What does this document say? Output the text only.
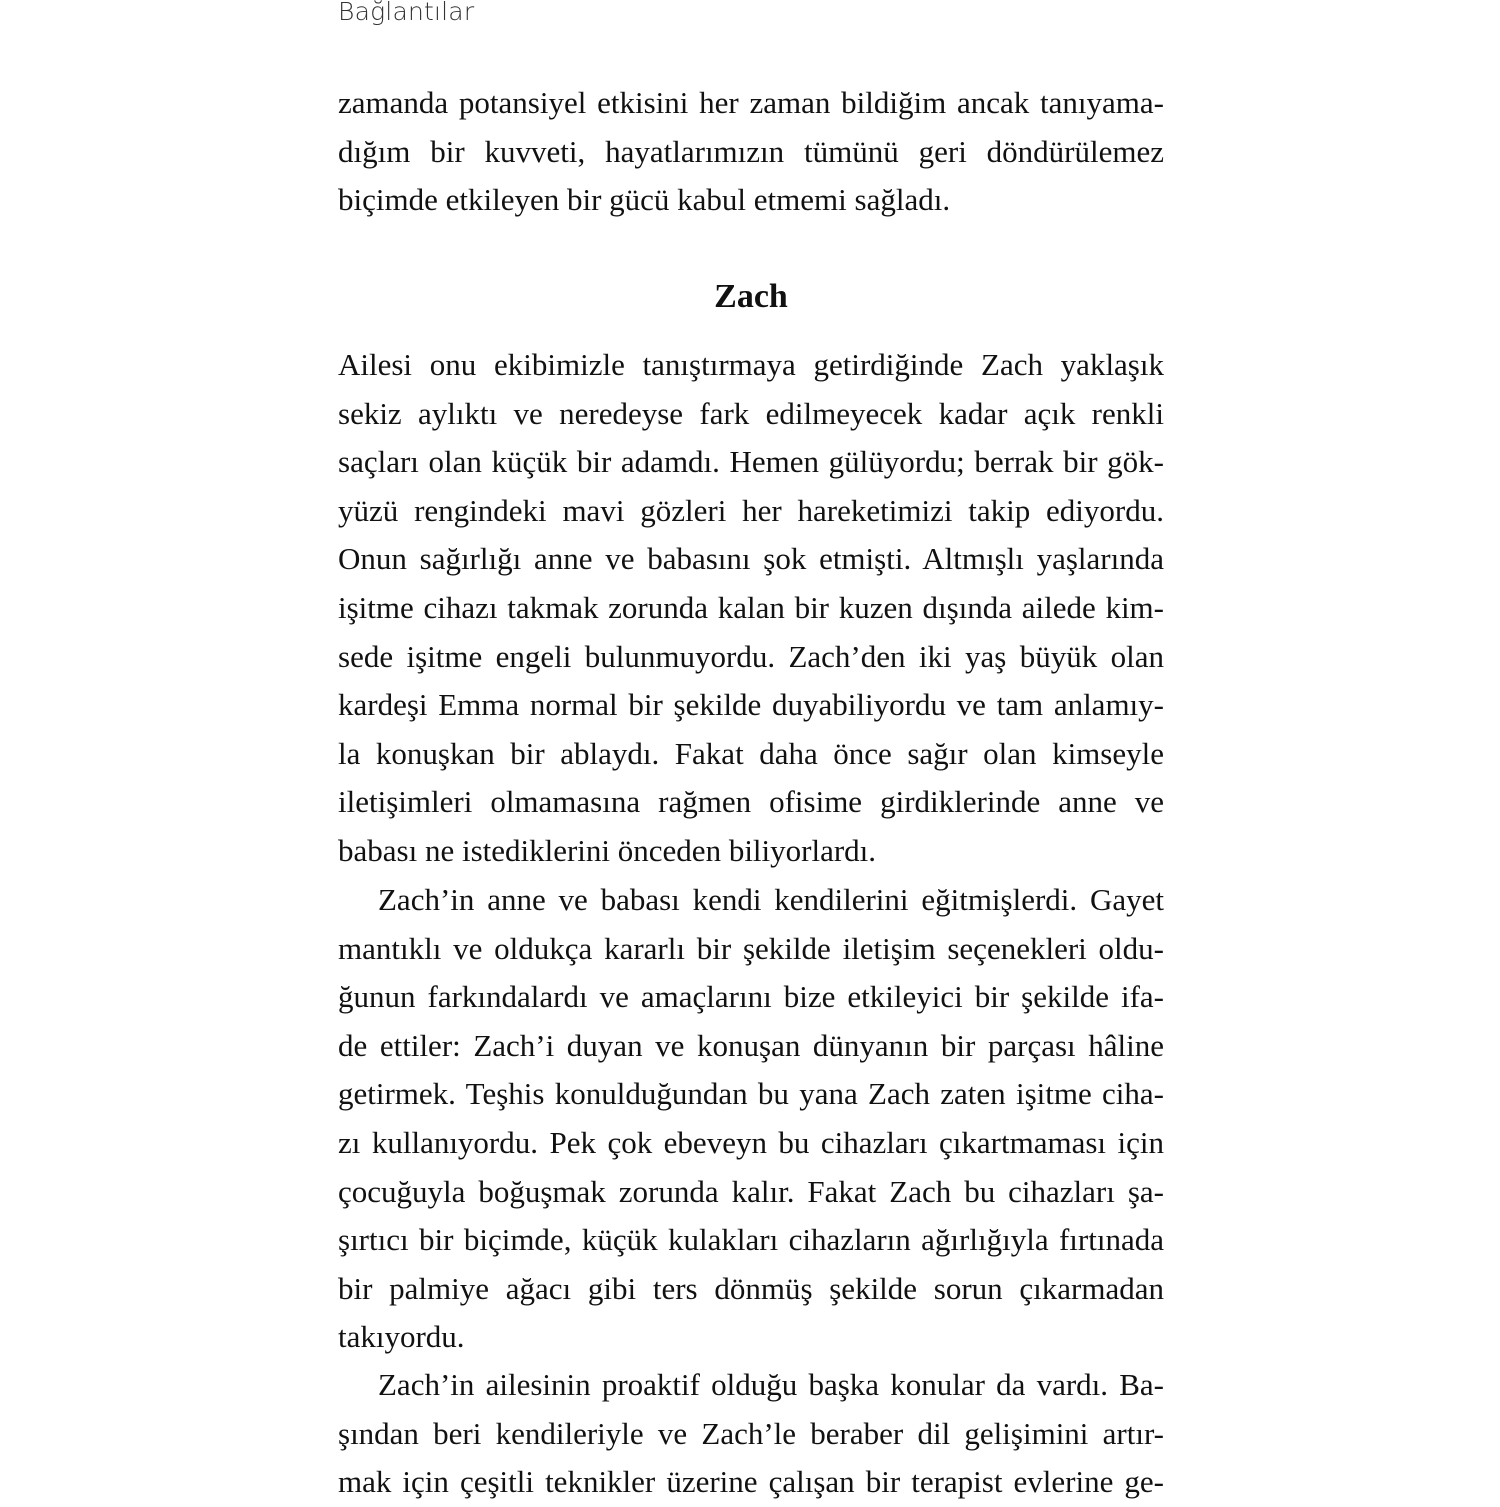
Bağlantılar

zamanda potansiyel etkisini her zaman bildiğim ancak tanıyama-
dığım bir kuvveti, hayatlarımızın tümünü geri döndürülemez
biçimde etkileyen bir gücü kabul etmemi sağladı.
Zach
Ailesi onu ekibimizle tanıştırmaya getirdiğinde Zach yaklaşık
sekiz aylıktı ve neredeyse fark edilmeyecek kadar açık renkli
saçları olan küçük bir adamdı. Hemen gülüyordu; berrak bir gök-
yüzü rengindeki mavi gözleri her hareketimizi takip ediyordu.
Onun sağırlığı anne ve babasını şok etmişti. Altmışlı yaşlarında
işitme cihazı takmak zorunda kalan bir kuzen dışında ailede kim-
sede işitme engeli bulunmuyordu. Zach’den iki yaş büyük olan
kardeşi Emma normal bir şekilde duyabiliyordu ve tam anlamıy-
la konuşkan bir ablaydı. Fakat daha önce sağır olan kimseyle
iletişimleri olmamasına rağmen ofisime girdiklerinde anne ve
babası ne istediklerini önceden biliyorlardı.
Zach’in anne ve babası kendi kendilerini eğitmişlerdi. Gayet
mantıklı ve oldukça kararlı bir şekilde iletişim seçenekleri oldu-
ğunun farkındalardı ve amaçlarını bize etkileyici bir şekilde ifa-
de ettiler: Zach’i duyan ve konuşan dünyanın bir parçası hâline
getirmek. Teşhis konulduğundan bu yana Zach zaten işitme ciha-
zı kullanıyordu. Pek çok ebeveyn bu cihazları çıkartmaması için
çocuğuyla boğuşmak zorunda kalır. Fakat Zach bu cihazları şa-
şırtıcı bir biçimde, küçük kulakları cihazların ağırlığıyla fırtınada
bir palmiye ağacı gibi ters dönmüş şekilde sorun çıkarmadan
takıyordu.
Zach’in ailesinin proaktif olduğu başka konular da vardı. Ba-
şından beri kendileriyle ve Zach’le beraber dil gelişimini artır-
mak için çeşitli teknikler üzerine çalışan bir terapist evlerine ge-
